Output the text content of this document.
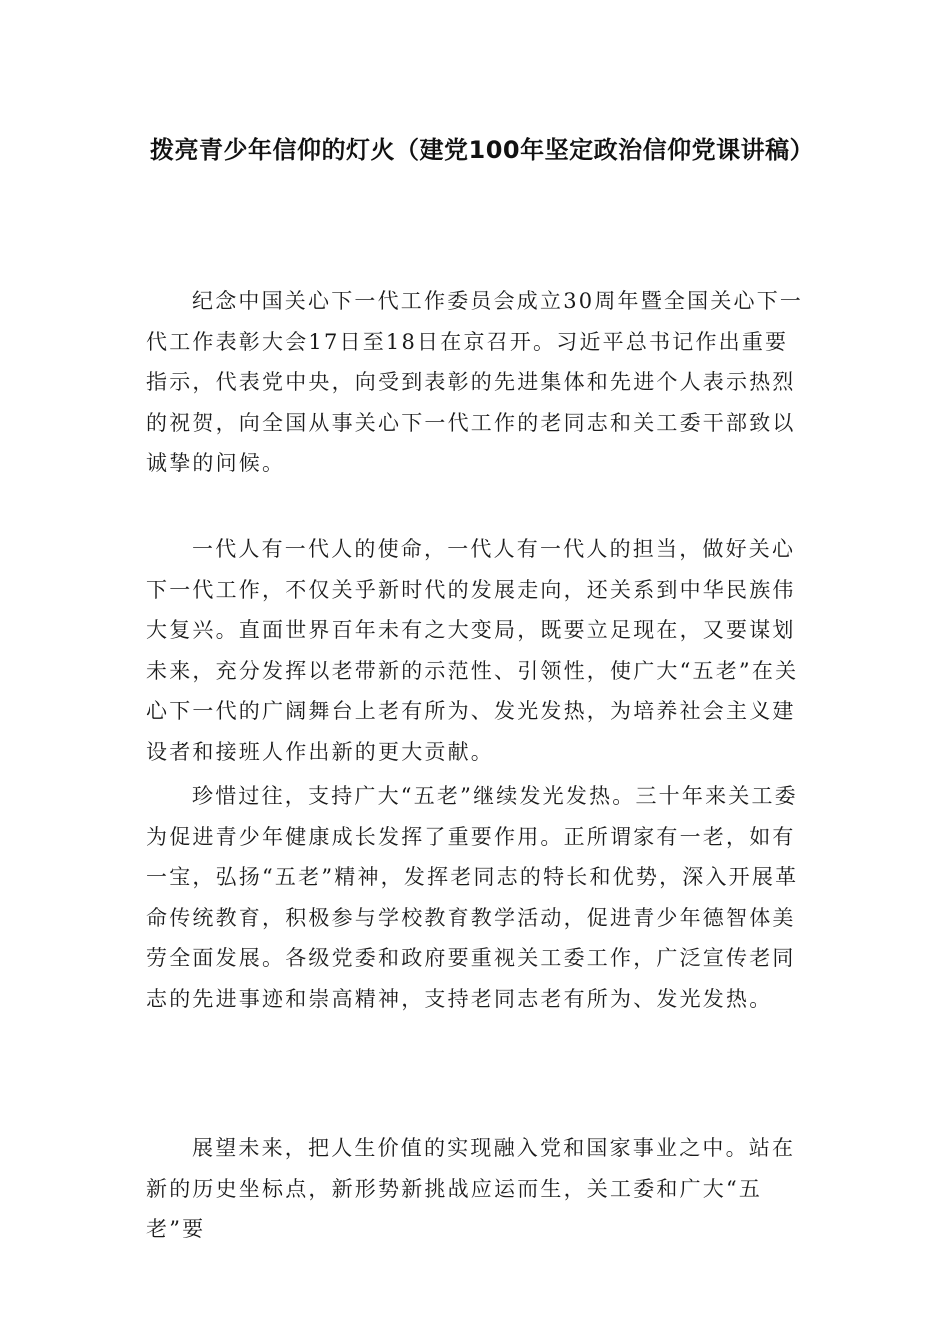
拨亮青少年信仰的灯火（建党100年坚定政治信仰党课讲稿）

纪念中国关心下一代工作委员会成立30周年暨全国关心下一代工作表彰大会17日至18日在京召开。习近平总书记作出重要指示，代表党中央，向受到表彰的先进集体和先进个人表示热烈的祝贺，向全国从事关心下一代工作的老同志和关工委干部致以诚挚的问候。

一代人有一代人的使命，一代人有一代人的担当，做好关心下一代工作，不仅关乎新时代的发展走向，还关系到中华民族伟大复兴。直面世界百年未有之大变局，既要立足现在，又要谋划未来，充分发挥以老带新的示范性、引领性，使广大“五老”在关心下一代的广阔舞台上老有所为、发光发热，为培养社会主义建设者和接班人作出新的更大贡献。

珍惜过往，支持广大“五老”继续发光发热。三十年来关工委为促进青少年健康成长发挥了重要作用。正所谓家有一老，如有一宝，弘扬“五老”精神，发挥老同志的特长和优势，深入开展革命传统教育，积极参与学校教育教学活动，促进青少年德智体美劳全面发展。各级党委和政府要重视关工委工作，广泛宣传老同志的先进事迹和崇高精神，支持老同志老有所为、发光发热。

展望未来，把人生价值的实现融入党和国家事业之中。站在新的历史坐标点，新形势新挑战应运而生，关工委和广大“五老”要
